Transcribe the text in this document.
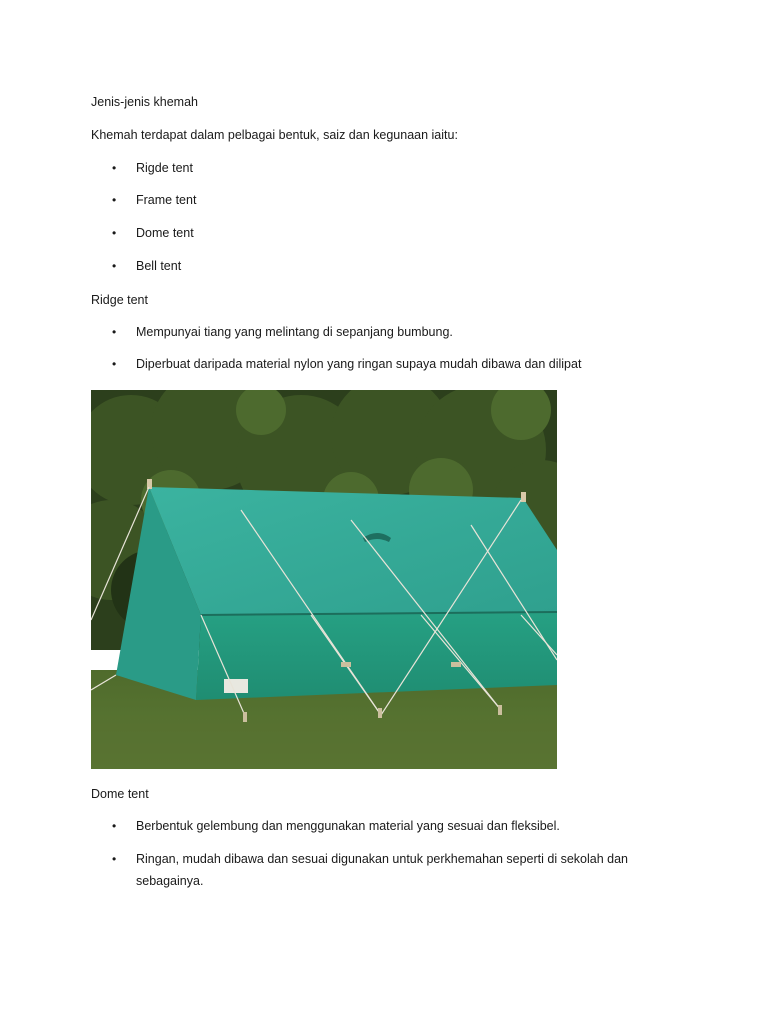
Jenis-jenis khemah
Khemah terdapat dalam pelbagai bentuk, saiz dan kegunaan iaitu:
•	Rigde tent
•	Frame tent
•	Dome tent
•	Bell tent
Ridge tent
•	Mempunyai tiang yang melintang di sepanjang bumbung.
•	Diperbuat daripada material nylon yang ringan supaya mudah dibawa dan dilipat
Dome tent
•	Berbentuk gelembung dan menggunakan material yang sesuai dan fleksibel.
•	Ringan, mudah dibawa dan sesuai digunakan untuk perkhemahan seperti di sekolah dan sebagainya.
